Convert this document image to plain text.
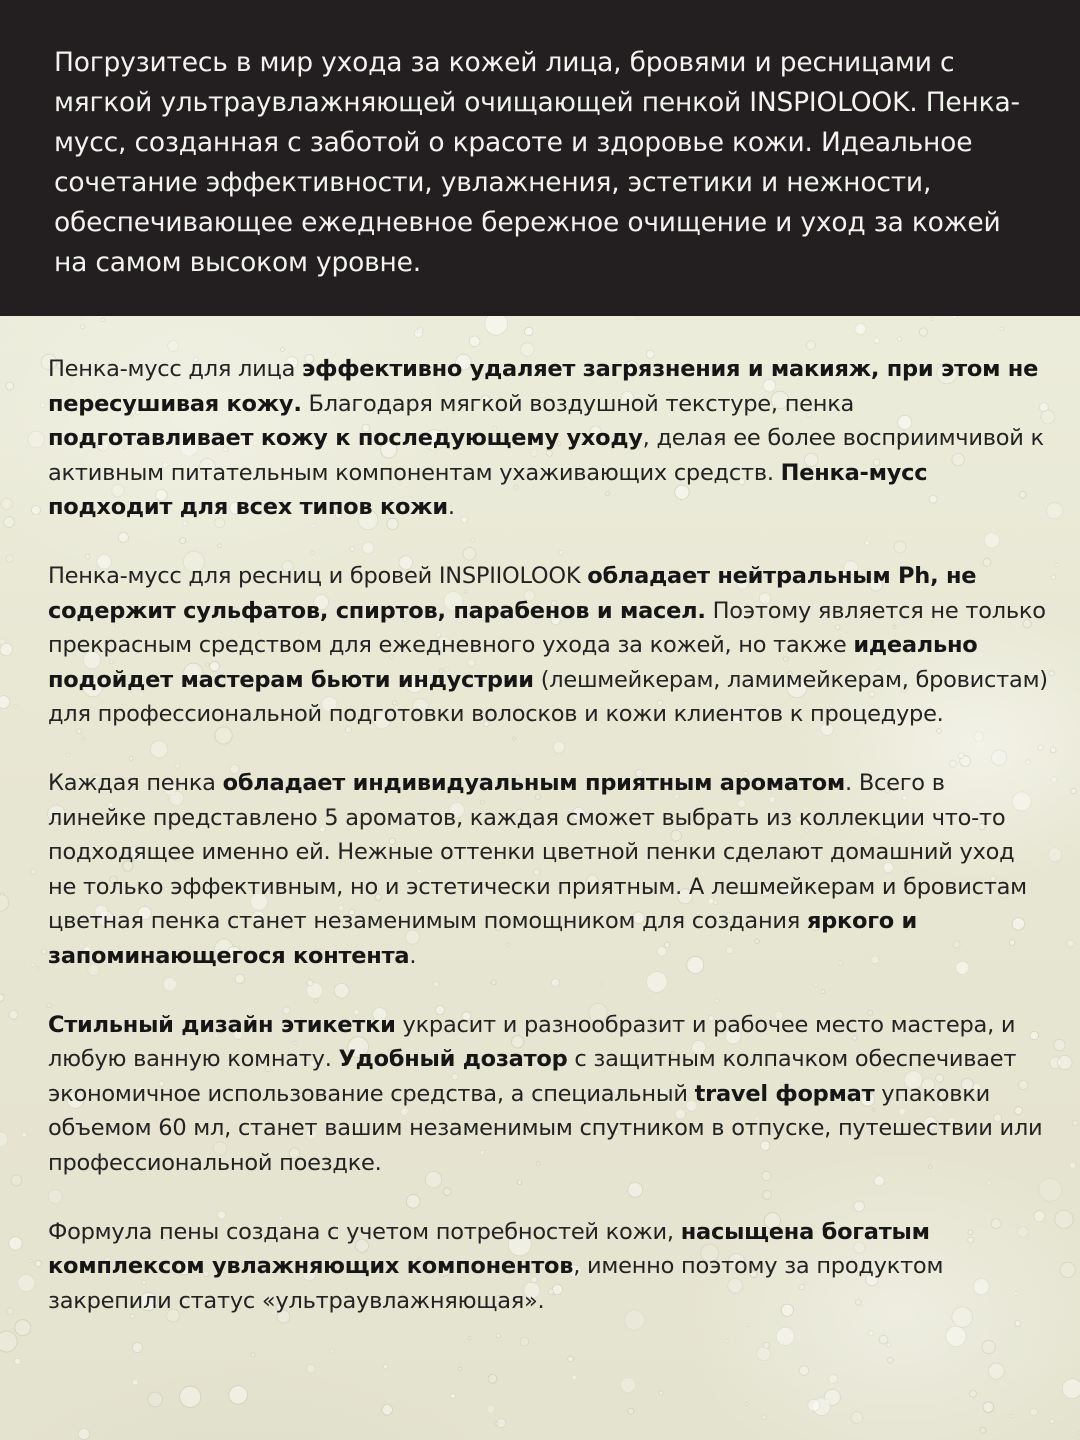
Погрузитесь в мир ухода за кожей лица, бровями и ресницами с мягкой ультраувлажняющей очищающей пенкой INSPIOLOOK. Пенка-мусс, созданная с заботой о красоте и здоровье кожи. Идеальное сочетание эффективности, увлажнения, эстетики и нежности, обеспечивающее ежедневное бережное очищение и уход за кожей на самом высоком уровне.

Пенка-мусс для лица эффективно удаляет загрязнения и макияж, при этом не пересушивая кожу. Благодаря мягкой воздушной текстуре, пенка подготавливает кожу к последующему уходу, делая ее более восприимчивой к активным питательным компонентам ухаживающих средств. Пенка-мусс подходит для всех типов кожи.

Пенка-мусс для ресниц и бровей INSPIIOLOOK обладает нейтральным Ph, не содержит сульфатов, спиртов, парабенов и масел. Поэтому является не только прекрасным средством для ежедневного ухода за кожей, но также идеально подойдет мастерам бьюти индустрии (лешмейкерам, ламимейкерам, бровистам) для профессиональной подготовки волосков и кожи клиентов к процедуре.

Каждая пенка обладает индивидуальным приятным ароматом. Всего в линейке представлено 5 ароматов, каждая сможет выбрать из коллекции что-то подходящее именно ей. Нежные оттенки цветной пенки сделают домашний уход не только эффективным, но и эстетически приятным. А лешмейкерам и бровистам цветная пенка станет незаменимым помощником для создания яркого и запоминающегося контента.

Стильный дизайн этикетки украсит и разнообразит и рабочее место мастера, и любую ванную комнату. Удобный дозатор с защитным колпачком обеспечивает экономичное использование средства, а специальный travel формат упаковки объемом 60 мл, станет вашим незаменимым спутником в отпуске, путешествии или профессиональной поездке.

Формула пены создана с учетом потребностей кожи, насыщена богатым комплексом увлажняющих компонентов, именно поэтому за продуктом закрепили статус «ультраувлажняющая».
